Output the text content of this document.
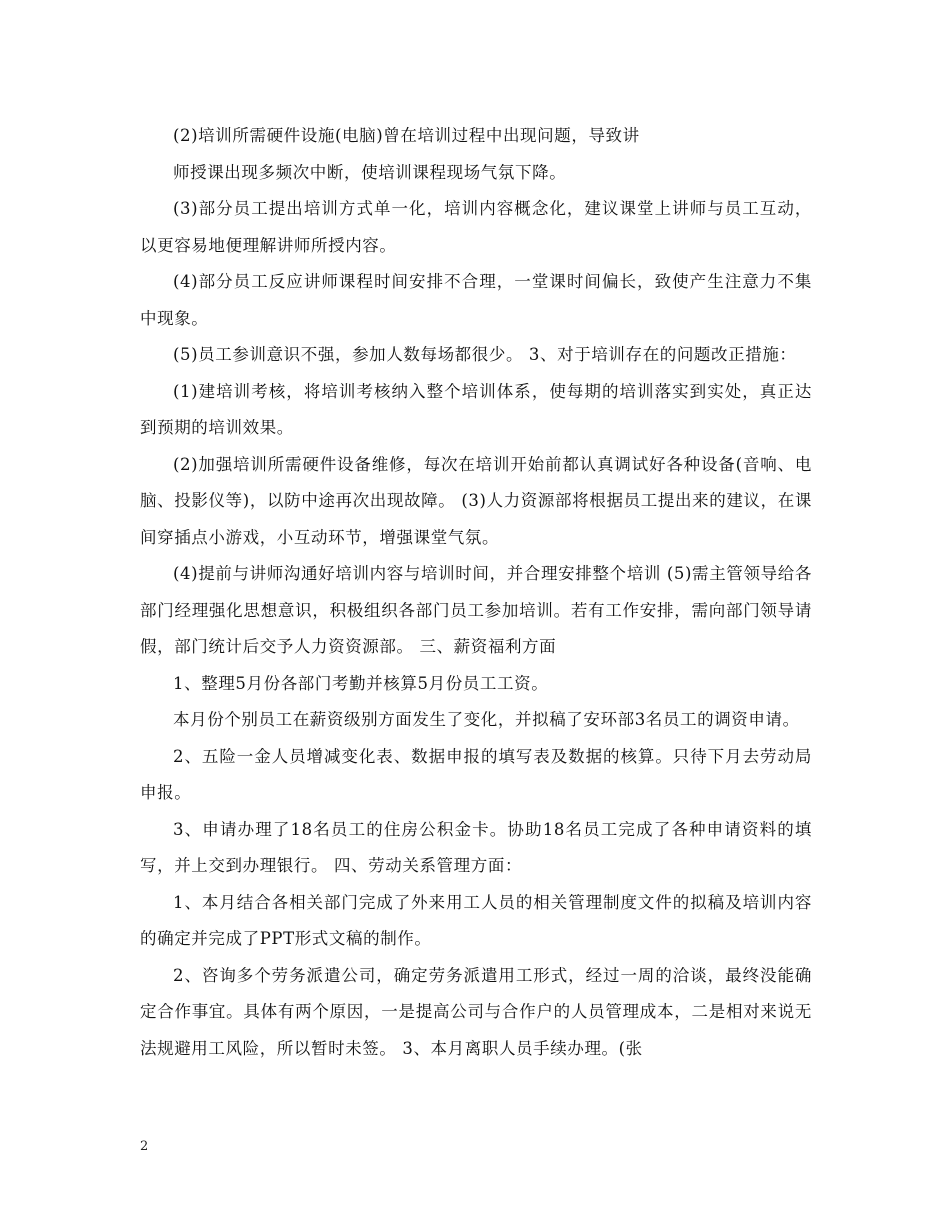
(2)培训所需硬件设施(电脑)曾在培训过程中出现问题，导致讲
师授课出现多频次中断，使培训课程现场气氛下降。

(3)部分员工提出培训方式单一化，培训内容概念化，建议课堂上讲师与员工互动，以更容易地便理解讲师所授内容。

(4)部分员工反应讲师课程时间安排不合理，一堂课时间偏长，致使产生注意力不集中现象。

(5)员工参训意识不强，参加人数每场都很少。 3、对于培训存在的问题改正措施：

(1)建培训考核，将培训考核纳入整个培训体系，使每期的培训落实到实处，真正达到预期的培训效果。

(2)加强培训所需硬件设备维修，每次在培训开始前都认真调试好各种设备(音响、电脑、投影仪等)，以防中途再次出现故障。 (3)人力资源部将根据员工提出来的建议，在课间穿插点小游戏，小互动环节，增强课堂气氛。

(4)提前与讲师沟通好培训内容与培训时间，并合理安排整个培训 (5)需主管领导给各部门经理强化思想意识，积极组织各部门员工参加培训。若有工作安排，需向部门领导请假，部门统计后交予人力资资源部。 三、薪资福利方面

1、整理5月份各部门考勤并核算5月份员工工资。

本月份个别员工在薪资级别方面发生了变化，并拟稿了安环部3名员工的调资申请。

2、五险一金人员增减变化表、数据申报的填写表及数据的核算。只待下月去劳动局申报。

3、申请办理了18名员工的住房公积金卡。协助18名员工完成了各种申请资料的填写，并上交到办理银行。 四、劳动关系管理方面：

1、本月结合各相关部门完成了外来用工人员的相关管理制度文件的拟稿及培训内容的确定并完成了PPT形式文稿的制作。

2、咨询多个劳务派遣公司，确定劳务派遣用工形式，经过一周的洽谈，最终没能确定合作事宜。具体有两个原因，一是提高公司与合作户的人员管理成本，二是相对来说无法规避用工风险，所以暂时未签。 3、本月离职人员手续办理。(张

2
